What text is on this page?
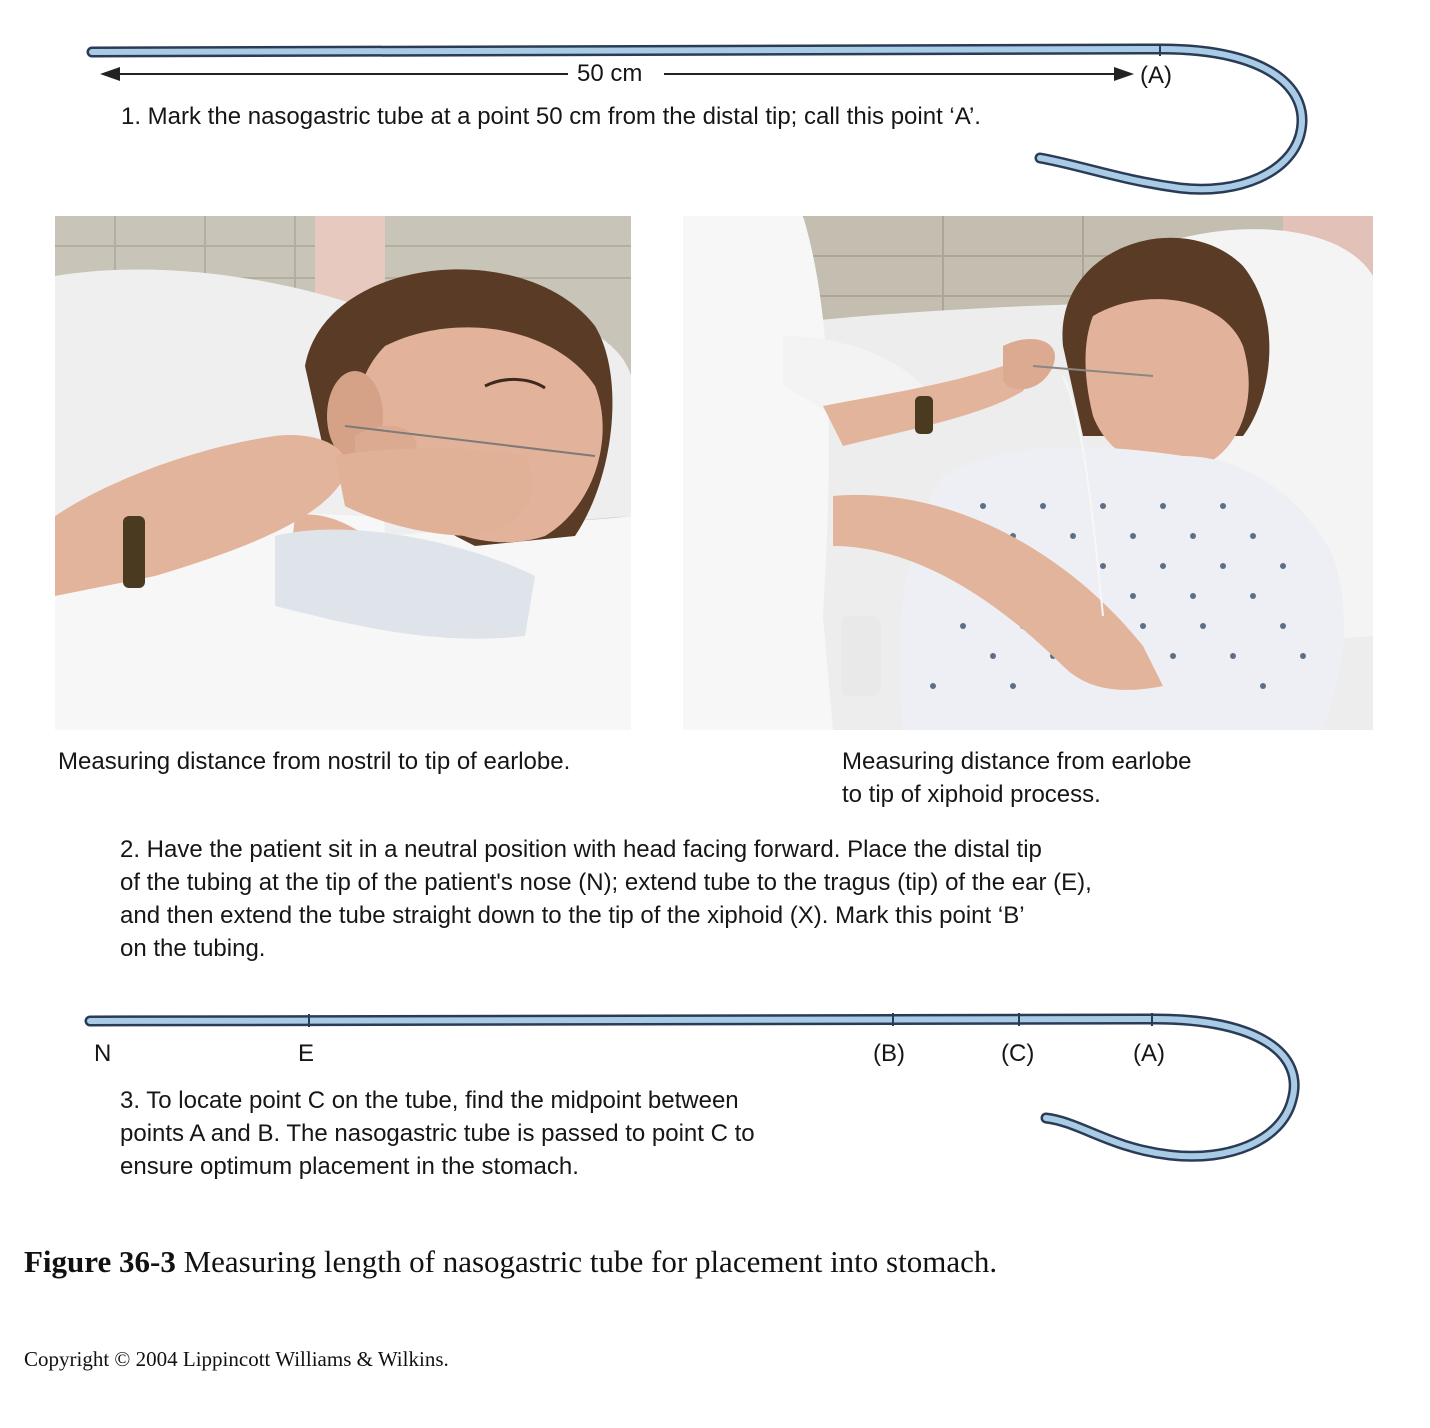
50 cm	(A)
1. Mark the nasogastric tube at a point 50 cm from the distal tip; call this point ‘A’.
Measuring distance from nostril to tip of earlobe.	Measuring distance from earlobe
to tip of xiphoid process.
2. Have the patient sit in a neutral position with head facing forward. Place the distal tip
of the tubing at the tip of the patient's nose (N); extend tube to the tragus (tip) of the ear (E),
and then extend the tube straight down to the tip of the xiphoid (X). Mark this point ‘B’
on the tubing.
N	E	(B)	(C)	(A)
3. To locate point C on the tube, find the midpoint between
points A and B. The nasogastric tube is passed to point C to
ensure optimum placement in the stomach.
Figure 36-3 Measuring length of nasogastric tube for placement into stomach.
Copyright © 2004 Lippincott Williams & Wilkins.
